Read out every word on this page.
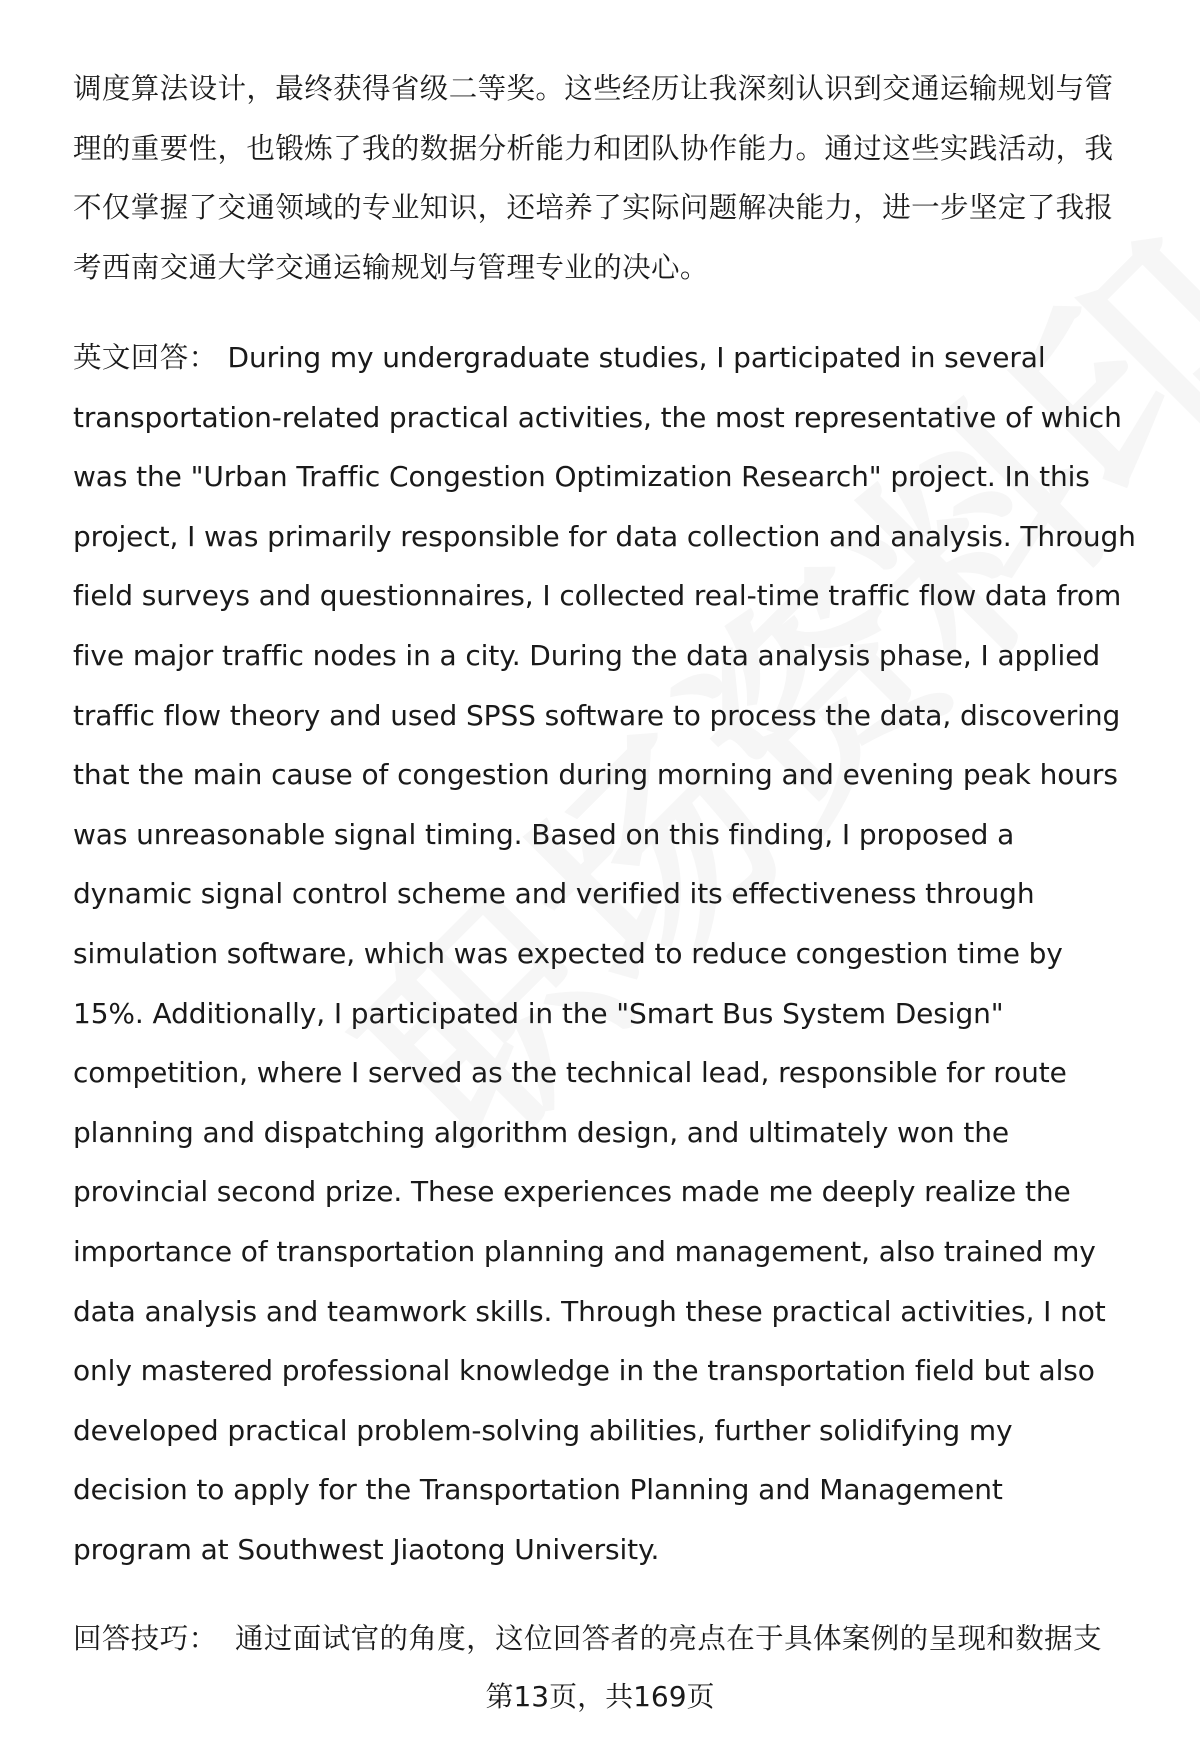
调度算法设计，最终获得省级二等奖。这些经历让我深刻认识到交通运输规划与管
理的重要性，也锻炼了我的数据分析能力和团队协作能力。通过这些实践活动，我
不仅掌握了交通领域的专业知识，还培养了实际问题解决能力，进一步坚定了我报
考西南交通大学交通运输规划与管理专业的决心。
英文回答： During my undergraduate studies, I participated in several
transportation-related practical activities, the most representative of which
was the "Urban Traffic Congestion Optimization Research" project. In this
project, I was primarily responsible for data collection and analysis. Through
field surveys and questionnaires, I collected real-time traffic flow data from
five major traffic nodes in a city. During the data analysis phase, I applied
traffic flow theory and used SPSS software to process the data, discovering
that the main cause of congestion during morning and evening peak hours
was unreasonable signal timing. Based on this finding, I proposed a
dynamic signal control scheme and verified its effectiveness through
simulation software, which was expected to reduce congestion time by
15%. Additionally, I participated in the "Smart Bus System Design"
competition, where I served as the technical lead, responsible for route
planning and dispatching algorithm design, and ultimately won the
provincial second prize. These experiences made me deeply realize the
importance of transportation planning and management, also trained my
data analysis and teamwork skills. Through these practical activities, I not
only mastered professional knowledge in the transportation field but also
developed practical problem-solving abilities, further solidifying my
decision to apply for the Transportation Planning and Management
program at Southwest Jiaotong University.
回答技巧： 通过面试官的角度，这位回答者的亮点在于具体案例的呈现和数据支
第13页，共169页
